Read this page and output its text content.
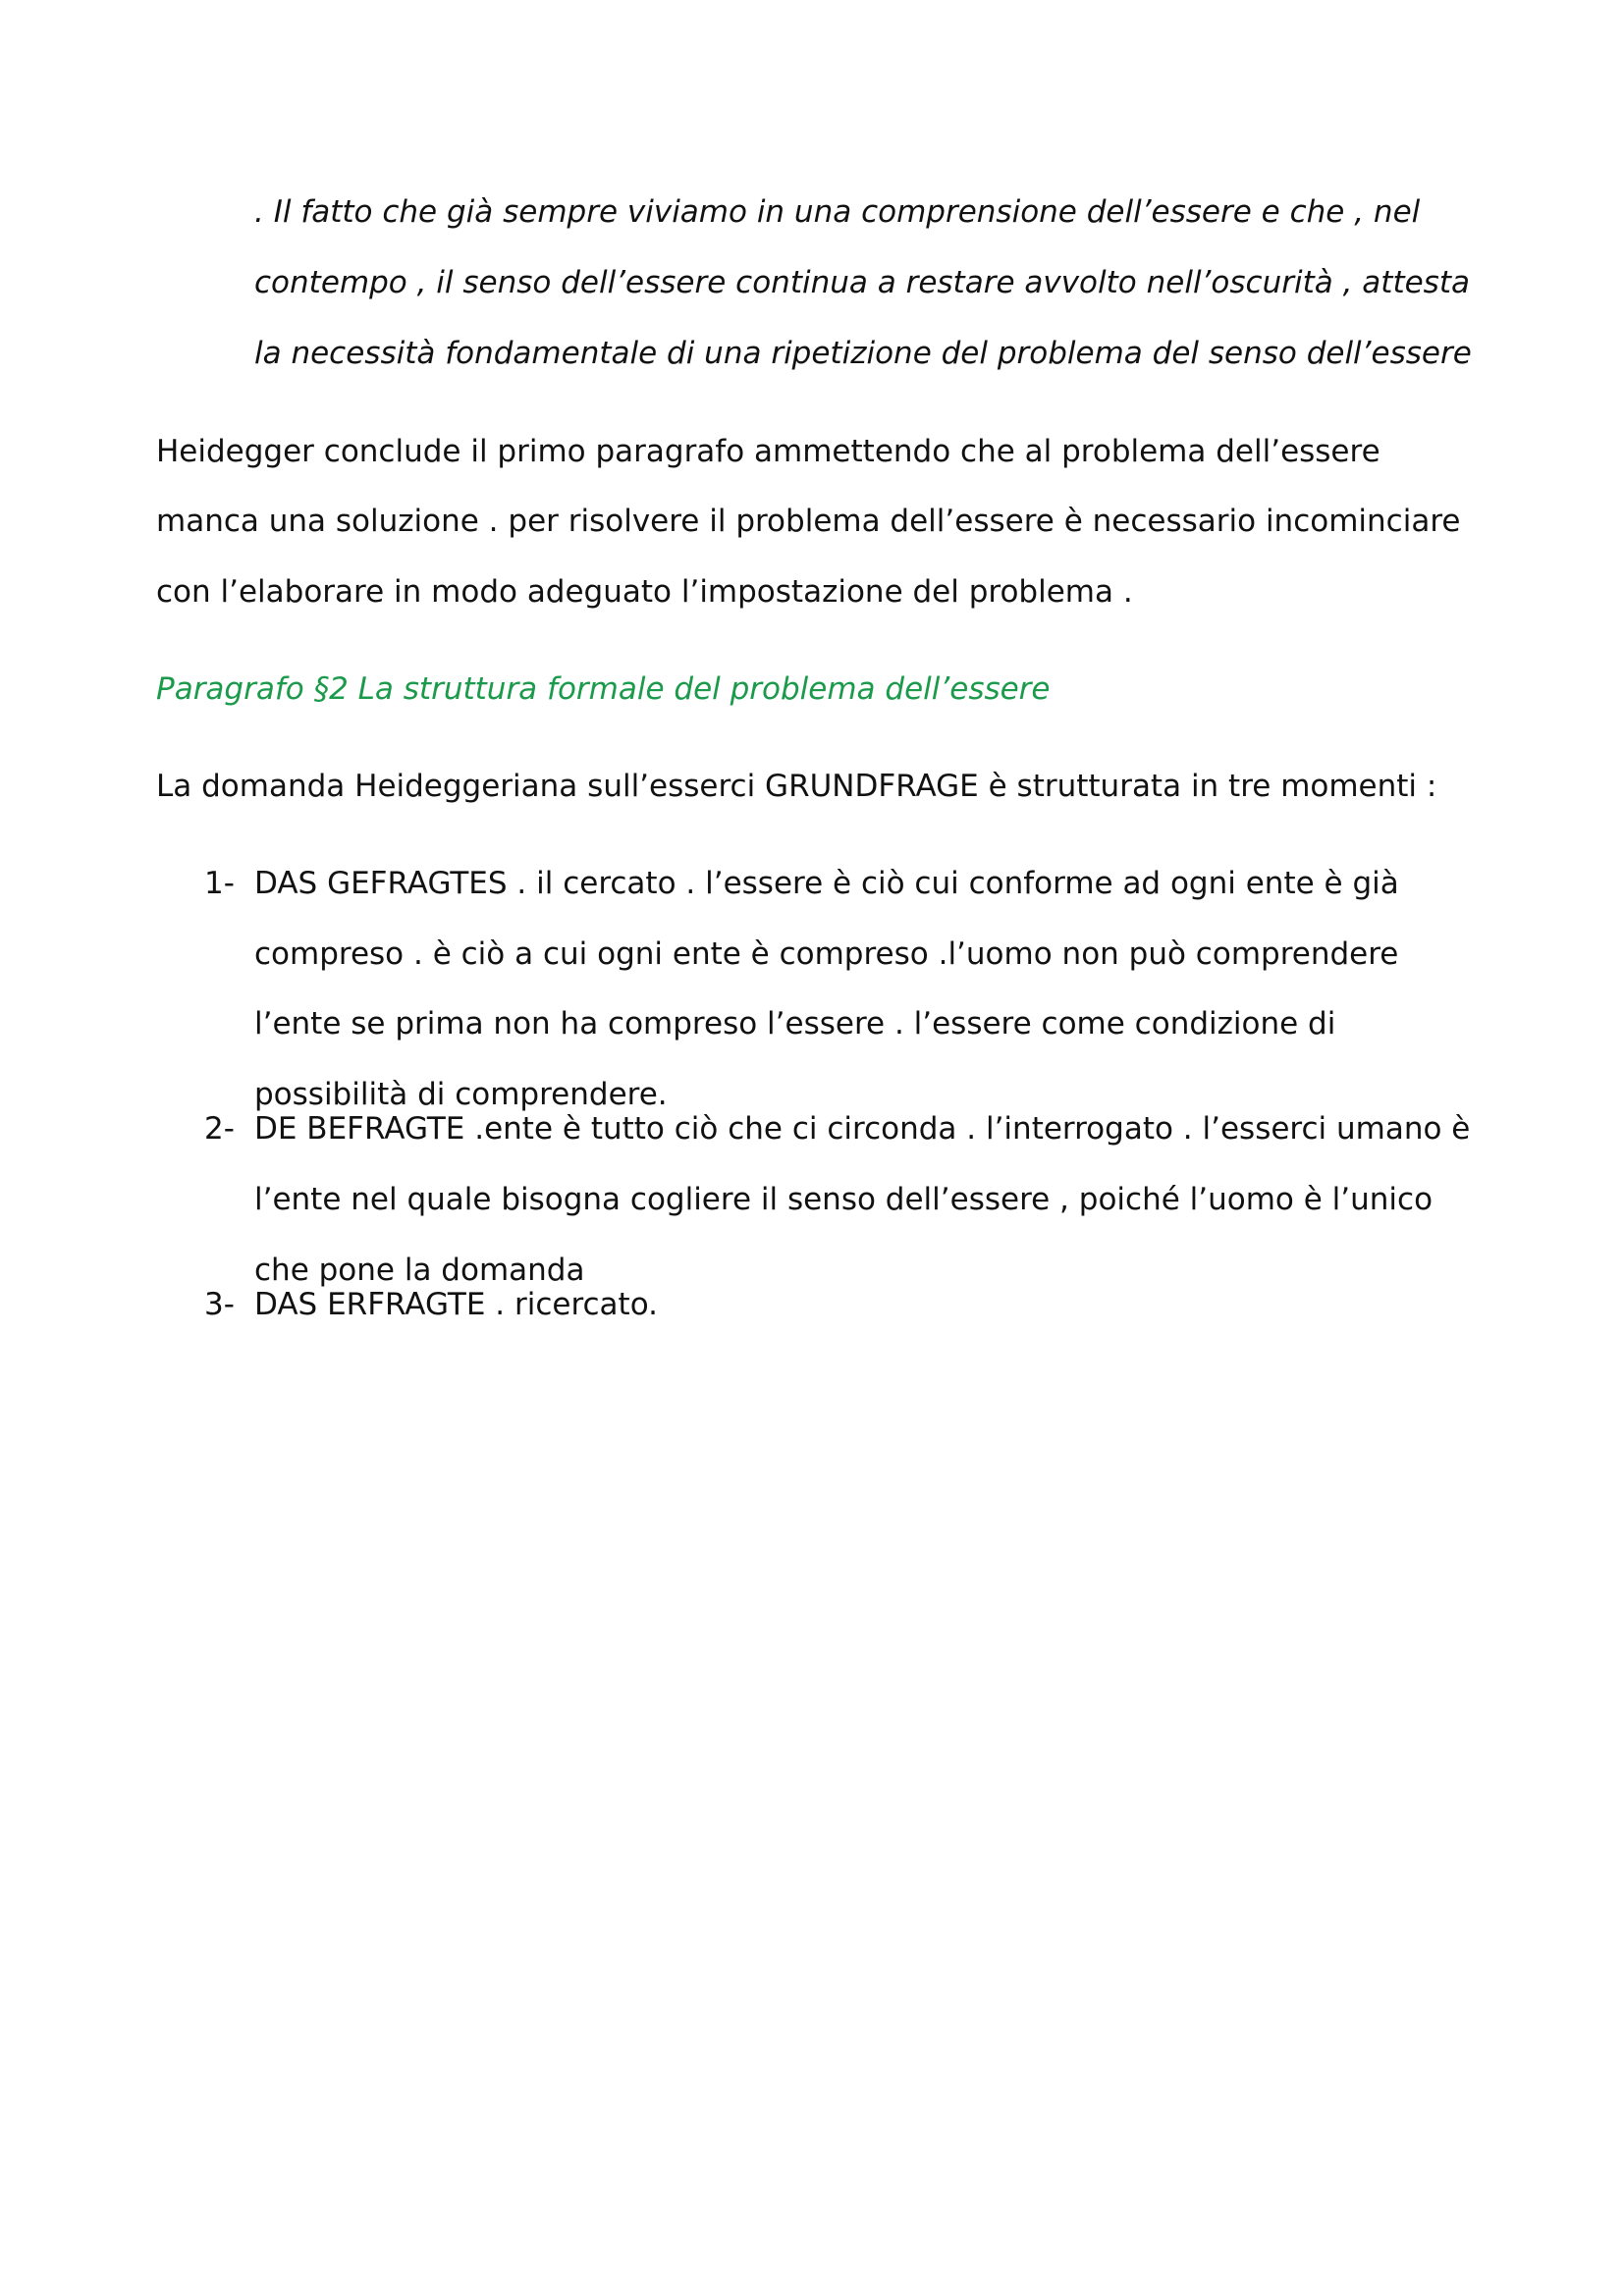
. Il fatto che già sempre viviamo in una comprensione dell’essere e che , nel
contempo , il senso dell’essere continua a restare avvolto nell’oscurità , attesta
la necessità fondamentale di una ripetizione del problema del senso dell’essere
Heidegger conclude il primo paragrafo ammettendo che al problema dell’essere
manca una soluzione . per risolvere il problema dell’essere è necessario incominciare
con l’elaborare in modo adeguato l’impostazione del problema .
Paragrafo §2 La struttura formale del problema dell’essere
La domanda Heideggeriana sull’esserci GRUNDFRAGE è strutturata in tre momenti :
1- DAS GEFRAGTES . il cercato . l’essere è ciò cui conforme ad ogni ente è già
compreso . è ciò a cui ogni ente è compreso .l’uomo non può comprendere
l’ente se prima non ha compreso l’essere . l’essere come condizione di
possibilità di comprendere.
2- DE BEFRAGTE .ente è tutto ciò che ci circonda . l’interrogato . l’esserci umano è
l’ente nel quale bisogna cogliere il senso dell’essere , poiché l’uomo è l’unico
che pone la domanda
3- DAS ERFRAGTE . ricercato.
